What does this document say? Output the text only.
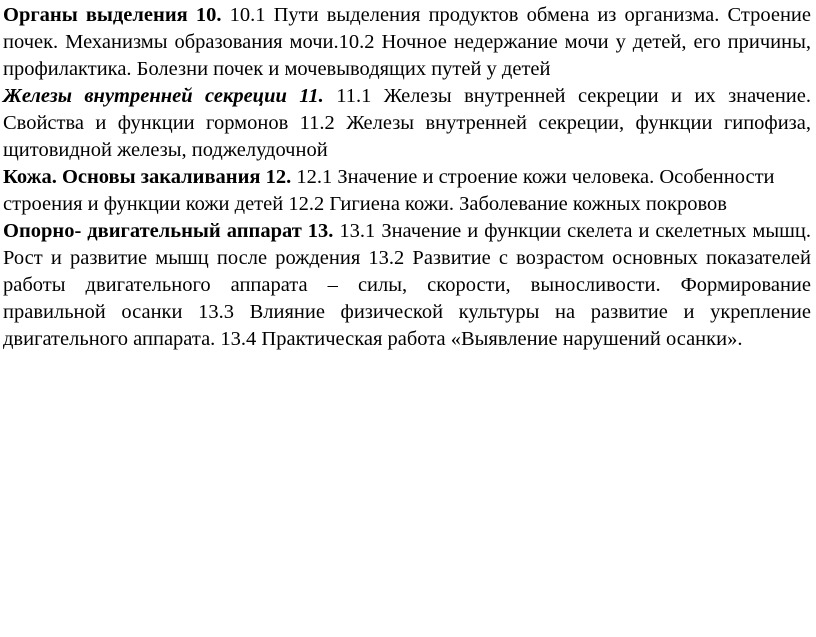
Органы выделения 10. 10.1 Пути выделения продуктов обмена из организма. Строение почек. Механизмы образования мочи.10.2 Ночное недержание мочи у детей, его причины, профилактика. Болезни почек и мочевыводящих путей у детей

Железы внутренней секреции 11. 11.1 Железы внутренней секреции и их значение. Свойства и функции гормонов 11.2 Железы внутренней секреции, функции гипофиза, щитовидной железы, поджелудочной

Кожа. Основы закаливания 12. 12.1 Значение и строение кожи человека. Особенности строения и функции кожи детей 12.2 Гигиена кожи. Заболевание кожных покровов

Опорно- двигательный аппарат 13. 13.1 Значение и функции скелета и скелетных мышц. Рост и развитие мышц после рождения 13.2 Развитие с возрастом основных показателей работы двигательного аппарата – силы, скорости, выносливости. Формирование правильной осанки 13.3 Влияние физической культуры на развитие и укрепление двигательного аппарата. 13.4 Практическая работа «Выявление нарушений осанки».
